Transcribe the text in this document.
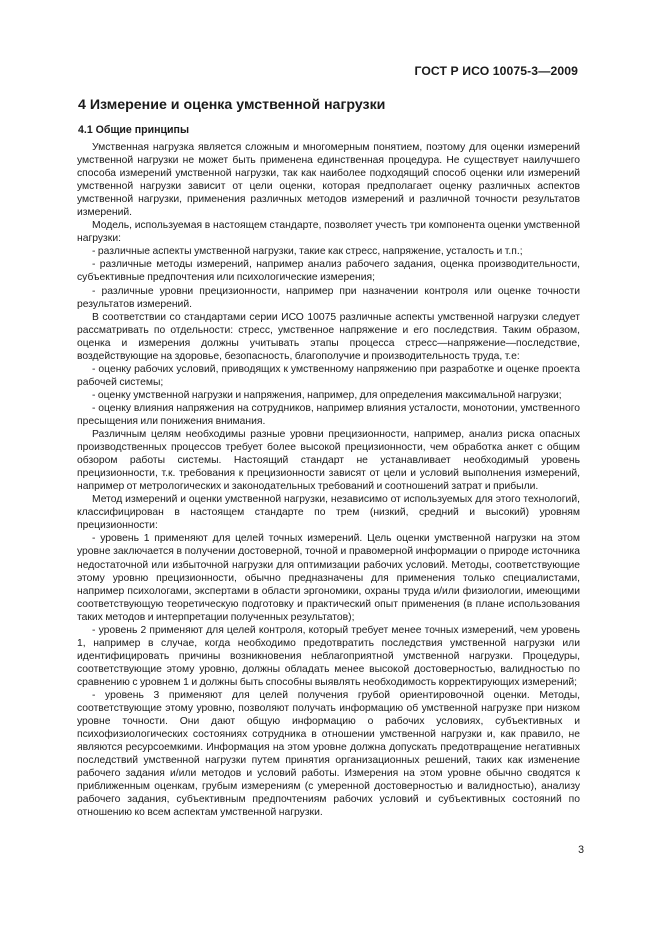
ГОСТ Р ИСО 10075-3—2009
4 Измерение и оценка умственной нагрузки
4.1 Общие принципы

Умственная нагрузка является сложным и многомерным понятием, поэтому для оценки измерений умственной нагрузки не может быть применена единственная процедура. Не существует наилучшего способа измерений умственной нагрузки, так как наиболее подходящий способ оценки или измерений умственной нагрузки зависит от цели оценки, которая предполагает оценку различных аспектов умственной нагрузки, применения различных методов измерений и различной точности результатов измерений.

Модель, используемая в настоящем стандарте, позволяет учесть три компонента оценки умственной нагрузки:

- различные аспекты умственной нагрузки, такие как стресс, напряжение, усталость и т.п.;

- различные методы измерений, например анализ рабочего задания, оценка производительности, субъективные предпочтения или психологические измерения;

- различные уровни прецизионности, например при назначении контроля или оценке точности результатов измерений.

В соответствии со стандартами серии ИСО 10075 различные аспекты умственной нагрузки следует рассматривать по отдельности: стресс, умственное напряжение и его последствия. Таким образом, оценка и измерения должны учитывать этапы процесса стресс—напряжение—последствие, воздействующие на здоровье, безопасность, благополучие и производительность труда, т.е:

- оценку рабочих условий, приводящих к умственному напряжению при разработке и оценке проекта рабочей системы;

- оценку умственной нагрузки и напряжения, например, для определения максимальной нагрузки;

- оценку влияния напряжения на сотрудников, например влияния усталости, монотонии, умственного пресыщения или понижения внимания.

Различным целям необходимы разные уровни прецизионности, например, анализ риска опасных производственных процессов требует более высокой прецизионности, чем обработка анкет с общим обзором работы системы. Настоящий стандарт не устанавливает необходимый уровень прецизионности, т.к. требования к прецизионности зависят от цели и условий выполнения измерений, например от метрологических и законодательных требований и соотношений затрат и прибыли.

Метод измерений и оценки умственной нагрузки, независимо от используемых для этого технологий, классифицирован в настоящем стандарте по трем (низкий, средний и высокий) уровням прецизионности:

- уровень 1 применяют для целей точных измерений. Цель оценки умственной нагрузки на этом уровне заключается в получении достоверной, точной и правомерной информации о природе источника недостаточной или избыточной нагрузки для оптимизации рабочих условий. Методы, соответствующие этому уровню прецизионности, обычно предназначены для применения только специалистами, например психологами, экспертами в области эргономики, охраны труда и/или физиологии, имеющими соответствующую теоретическую подготовку и практический опыт применения (в плане использования таких методов и интерпретации полученных результатов);

- уровень 2 применяют для целей контроля, который требует менее точных измерений, чем уровень 1, например в случае, когда необходимо предотвратить последствия умственной нагрузки или идентифицировать причины возникновения неблагоприятной умственной нагрузки. Процедуры, соответствующие этому уровню, должны обладать менее высокой достоверностью, валидностью по сравнению с уровнем 1 и должны быть способны выявлять необходимость корректирующих измерений;

- уровень 3 применяют для целей получения грубой ориентировочной оценки. Методы, соответствующие этому уровню, позволяют получать информацию об умственной нагрузке при низком уровне точности. Они дают общую информацию о рабочих условиях, субъективных и психофизиологических состояниях сотрудника в отношении умственной нагрузки и, как правило, не являются ресурсоемкими. Информация на этом уровне должна допускать предотвращение негативных последствий умственной нагрузки путем принятия организационных решений, таких как изменение рабочего задания и/или методов и условий работы. Измерения на этом уровне обычно сводятся к приближенным оценкам, грубым измерениям (с умеренной достоверностью и валидностью), анализу рабочего задания, субъективным предпочтениям рабочих условий и субъективных состояний по отношению ко всем аспектам умственной нагрузки.

3
